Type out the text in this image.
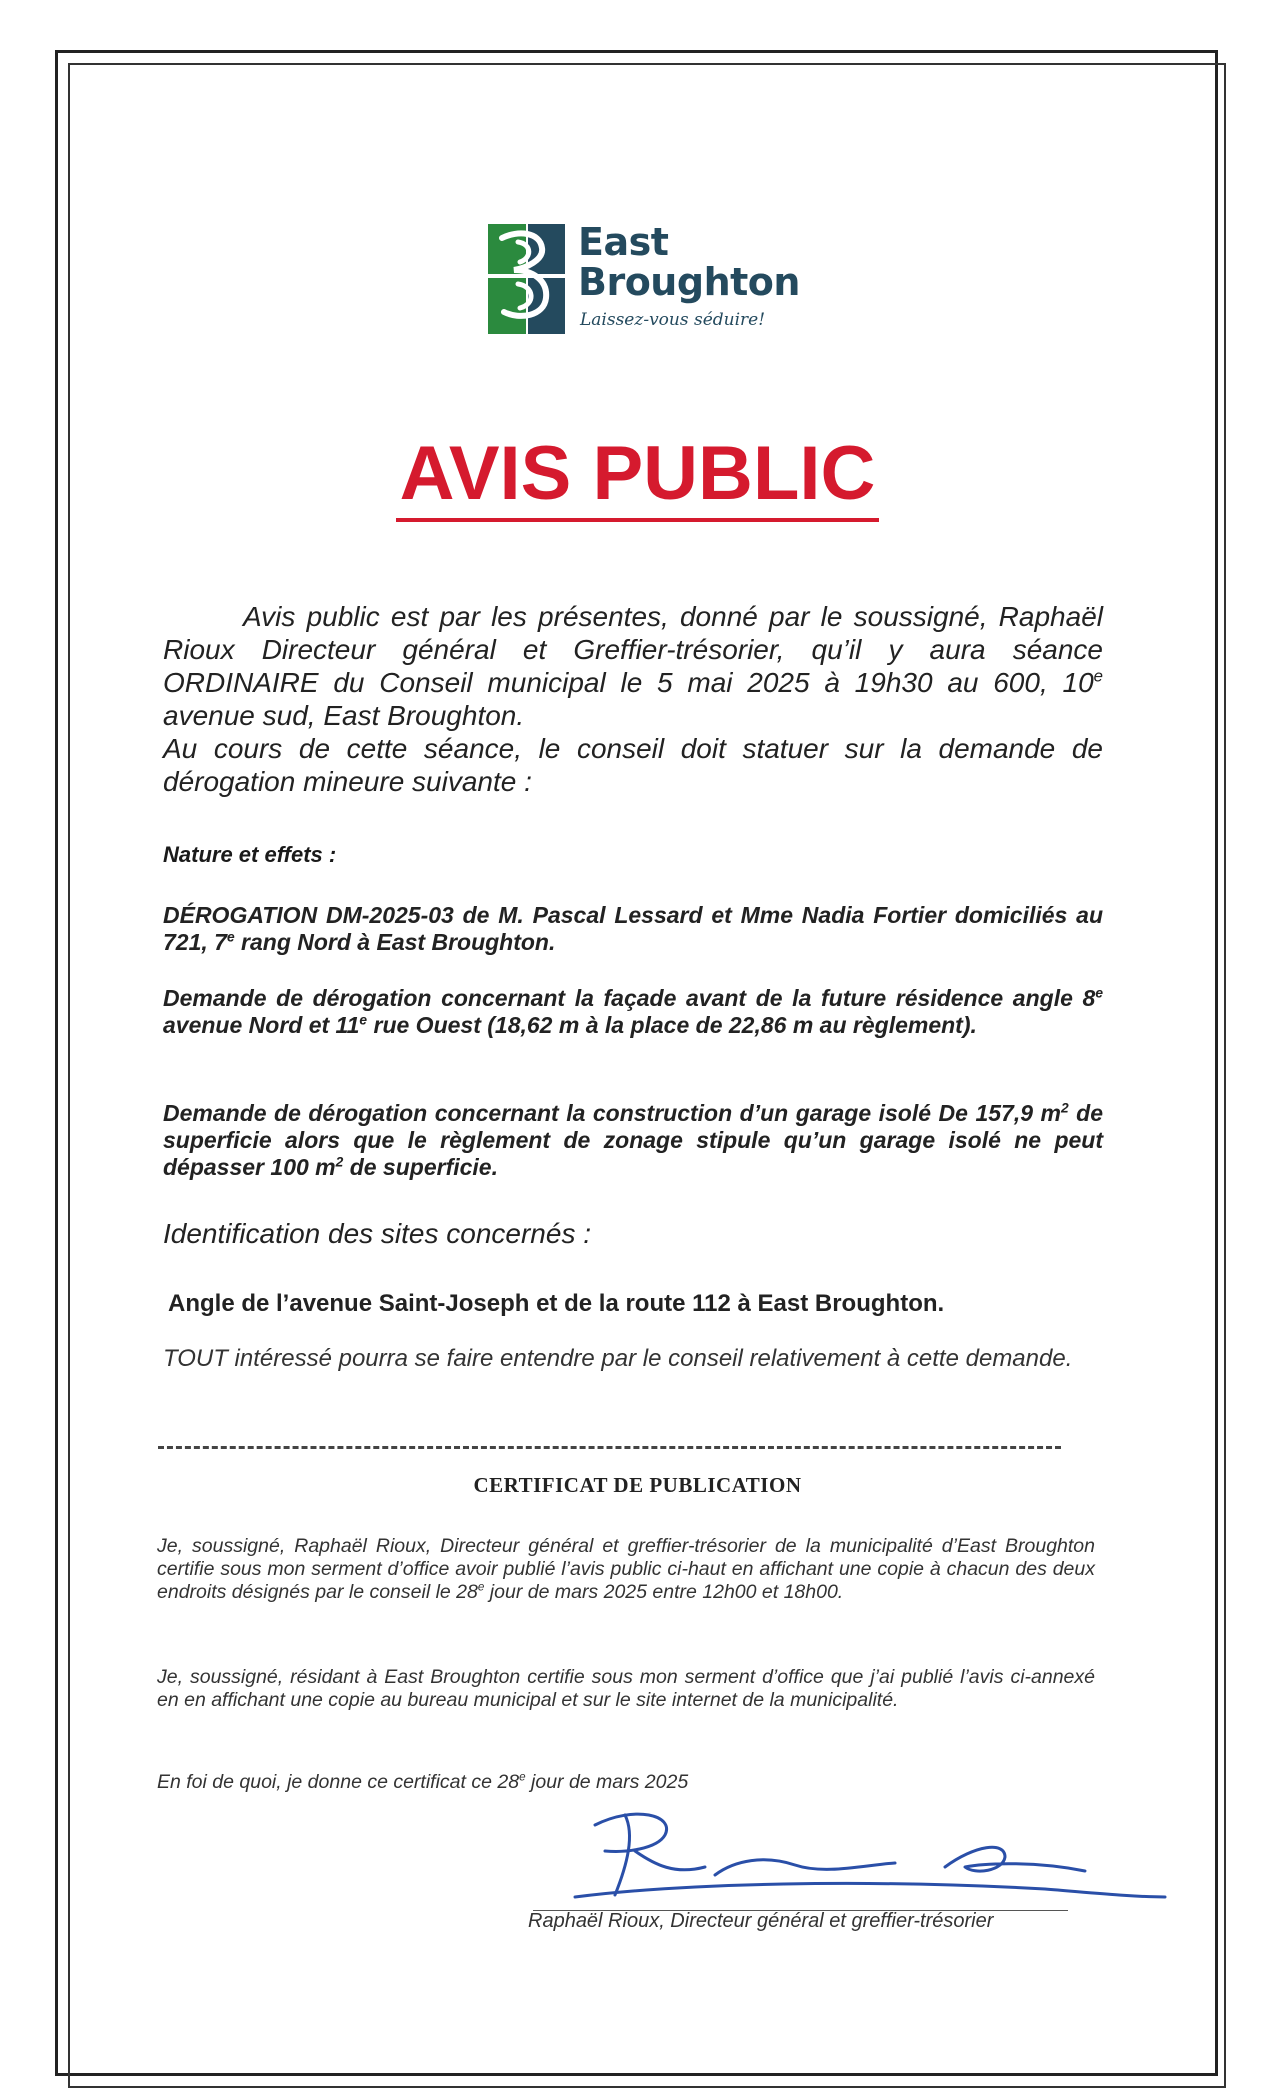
East
Broughton
Laissez-vous séduire!
AVIS PUBLIC

Avis public est par les présentes, donné par le soussigné, Raphaël Rioux Directeur général et Greffier-trésorier, qu’il y aura séance ORDINAIRE du Conseil municipal le 5 mai 2025 à 19h30 au 600, 10e avenue sud, East Broughton.

Au cours de cette séance, le conseil doit statuer sur la demande de dérogation mineure suivante :

Nature et effets :

DÉROGATION DM-2025-03 de M. Pascal Lessard et Mme Nadia Fortier domiciliés au 721, 7e rang Nord à East Broughton.

Demande de dérogation concernant la façade avant de la future résidence angle 8e avenue Nord et 11e rue Ouest (18,62 m à la place de 22,86 m au règlement).

Demande de dérogation concernant la construction d’un garage isolé De 157,9 $m^2$ de superficie alors que le règlement de zonage stipule qu’un garage isolé ne peut dépasser 100 $m^2$ de superficie.

Identification des sites concernés :
Angle de l’avenue Saint-Joseph et de la route 112 à East Broughton.
TOUT intéressé pourra se faire entendre par le conseil relativement à cette demande.
CERTIFICAT DE PUBLICATION

Je, soussigné, Raphaël Rioux, Directeur général et greffier-trésorier de la municipalité d’East Broughton certifie sous mon serment d’office avoir publié l’avis public ci-haut en affichant une copie à chacun des deux endroits désignés par le conseil le 28e jour de mars 2025 entre 12h00 et 18h00.

Je, soussigné, résidant à East Broughton certifie sous mon serment d’office que j’ai publié l’avis ci-annexé en en affichant une copie au bureau municipal et sur le site internet de la municipalité.

En foi de quoi, je donne ce certificat ce 28e jour de mars 2025

Raphaël Rioux, Directeur général et greffier-trésorier
